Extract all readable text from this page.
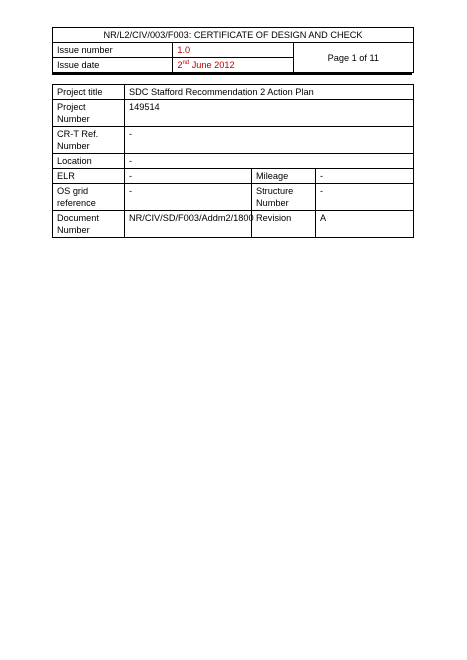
NR/L2/CIV/003/F003: CERTIFICATE OF DESIGN AND CHECK		
Issue number	1.0	Page 1 of 11
Issue date	2nd June 2012	
Project title	SDC Stafford Recommendation 2 Action Plan		
Project Number	149514		
CR-T Ref. Number	-		
Location	-		
ELR	-	Mileage	-
OS grid reference	-	Structure Number	-
Document Number	NR/CIV/SD/F003/Addm2/1800	Revision	A
